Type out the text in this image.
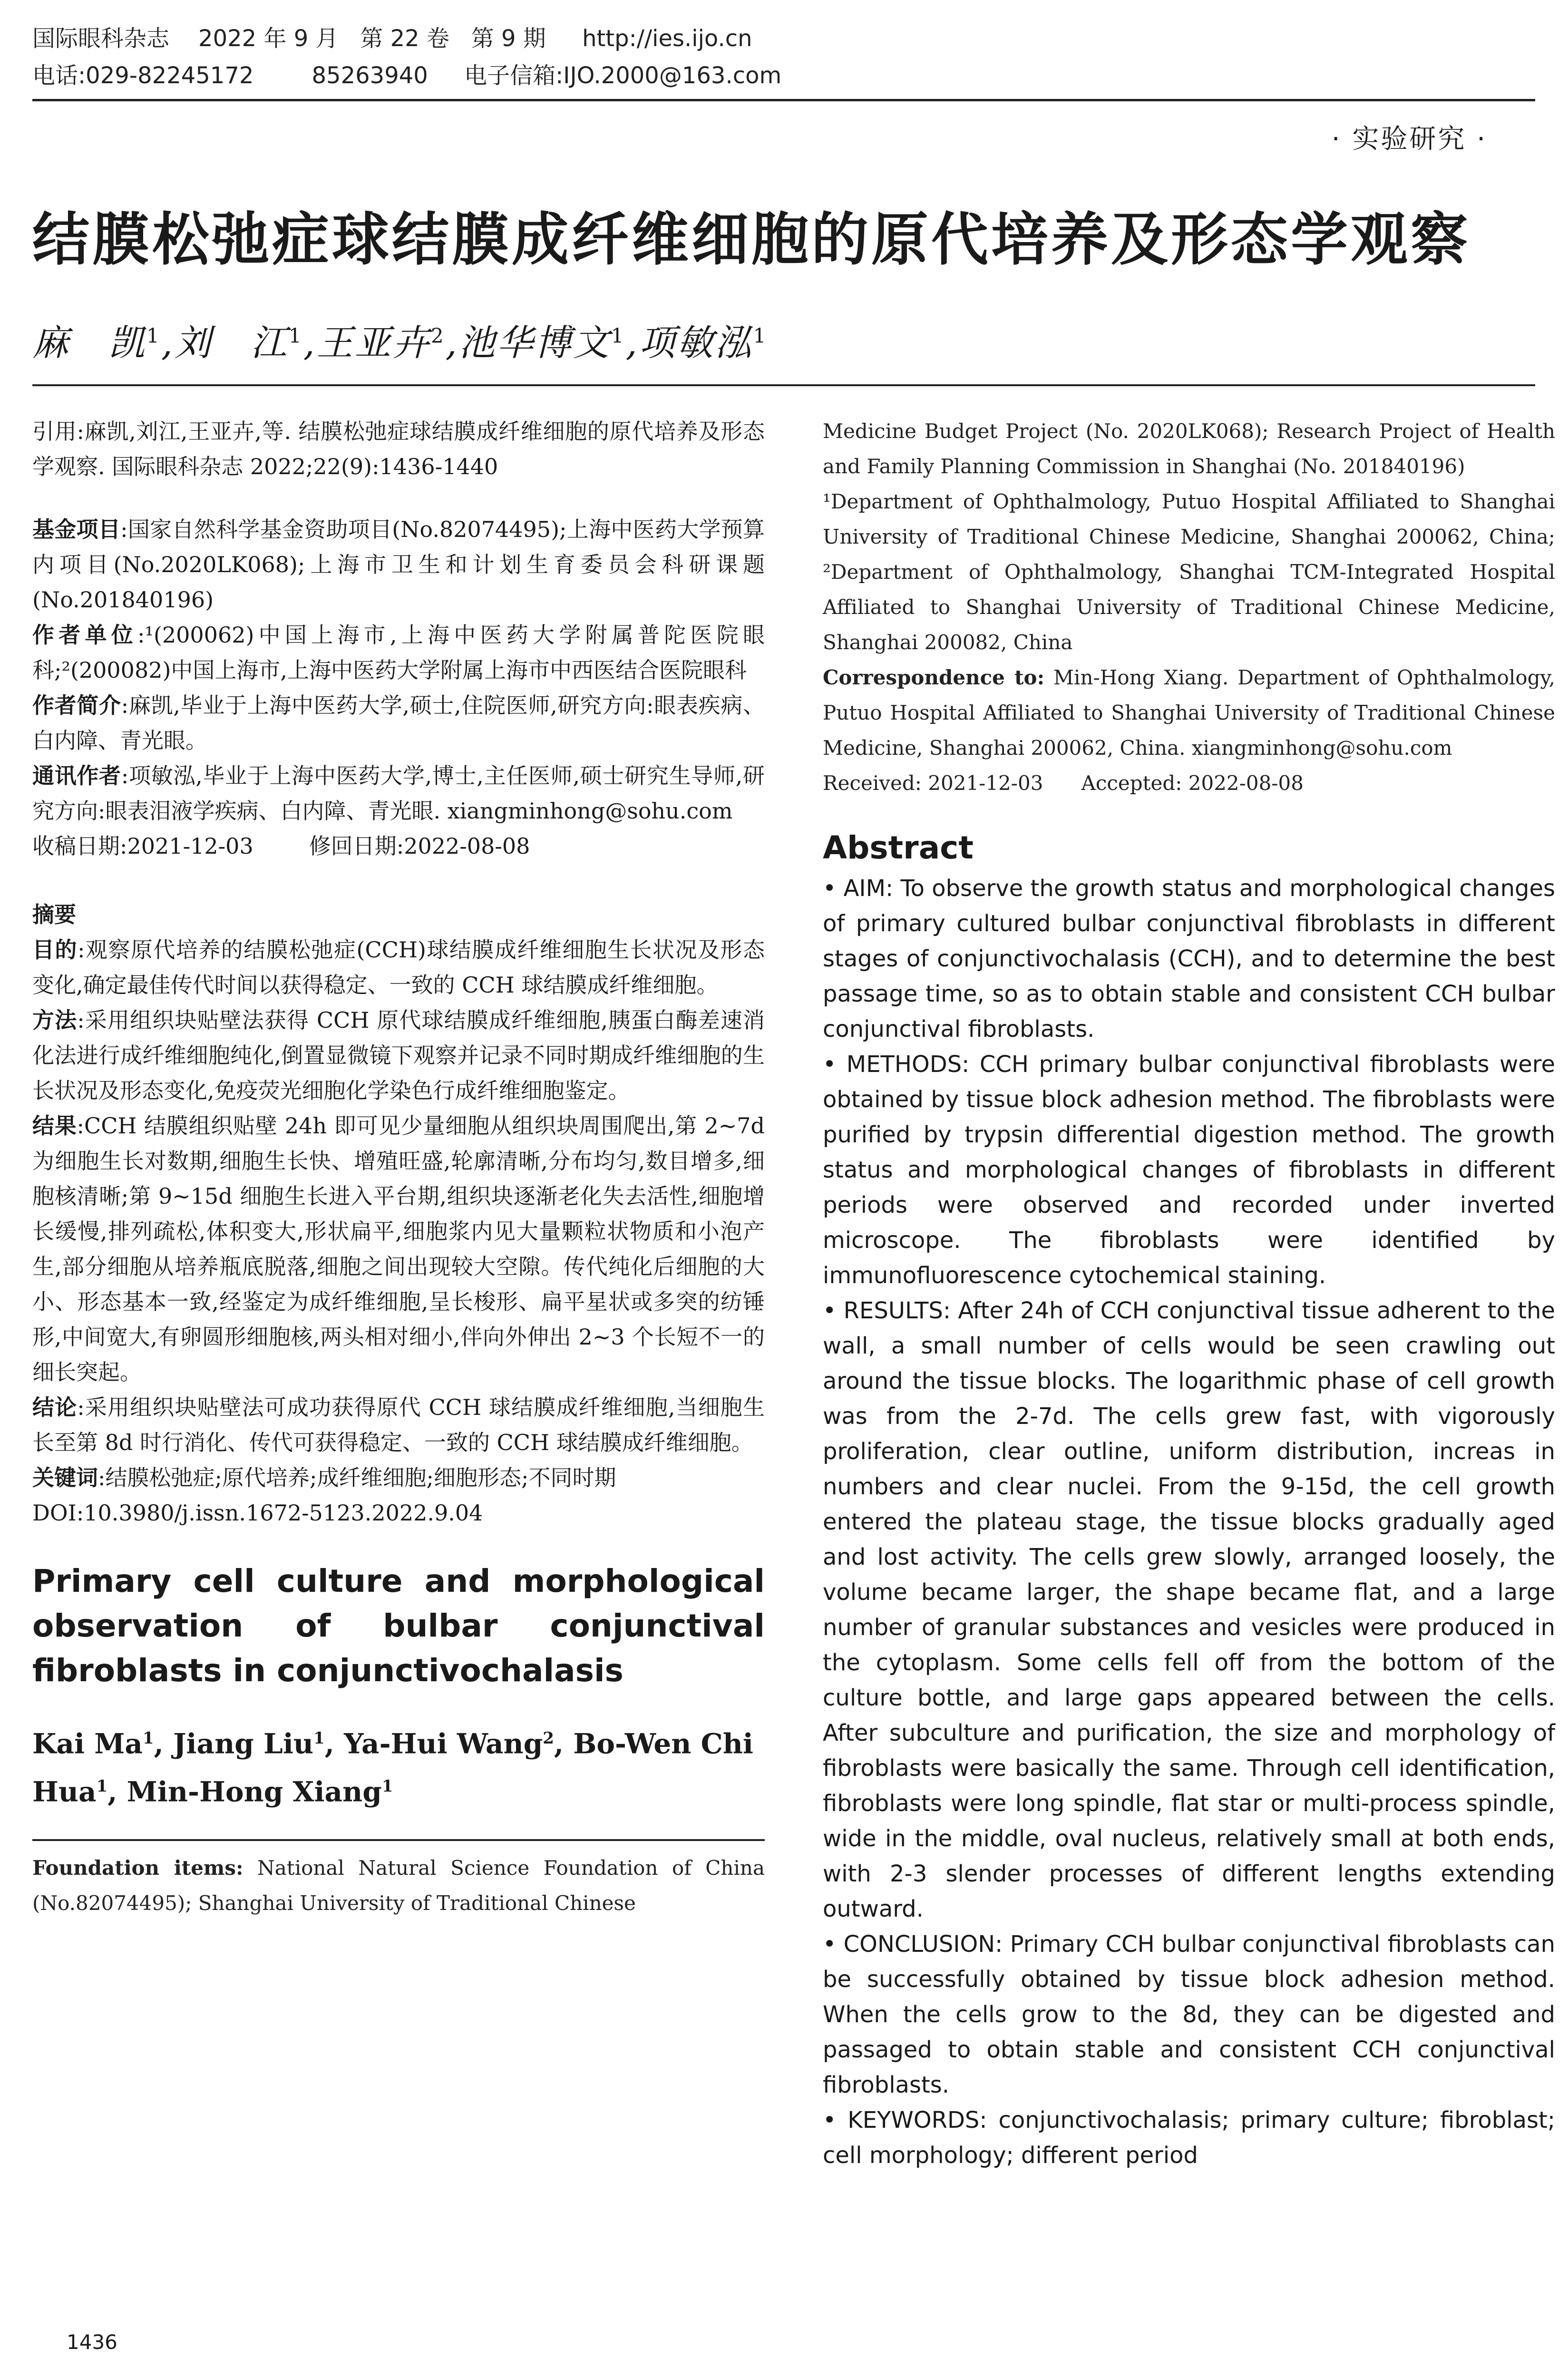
国际眼科杂志 2022 年 9 月 第 22 卷 第 9 期 http://ies.ijo.cn
电话:029-82245172	85263940 电子信箱:IJO.2000@163.com
· 实验研究 ·
结膜松弛症球结膜成纤维细胞的原代培养及形态学观察
麻　凯$^1$,刘　江$^1$,王亚卉$^2$,池华博文$^1$,项敏泓$^1$
引用:麻凯,刘江,王亚卉,等. 结膜松弛症球结膜成纤维细胞的原代培养及形态学观察. 国际眼科杂志 2022;22(9):1436-1440
基金项目:国家自然科学基金资助项目(No.82074495);上海中医药大学预算内项目(No.2020LK068);上海市卫生和计划生育委员会科研课题(No.201840196)
作者单位:¹(200062)中国上海市,上海中医药大学附属普陀医院眼科;²(200082)中国上海市,上海中医药大学附属上海市中西医结合医院眼科
作者简介:麻凯,毕业于上海中医药大学,硕士,住院医师,研究方向:眼表疾病、白内障、青光眼。
通讯作者:项敏泓,毕业于上海中医药大学,博士,主任医师,硕士研究生导师,研究方向:眼表泪液学疾病、白内障、青光眼. xiangminhong@sohu.com
收稿日期:2021-12-03	修回日期:2022-08-08
摘要
目的:观察原代培养的结膜松弛症(CCH)球结膜成纤维细胞生长状况及形态变化,确定最佳传代时间以获得稳定、一致的 CCH 球结膜成纤维细胞。
方法:采用组织块贴壁法获得 CCH 原代球结膜成纤维细胞,胰蛋白酶差速消化法进行成纤维细胞纯化,倒置显微镜下观察并记录不同时期成纤维细胞的生长状况及形态变化,免疫荧光细胞化学染色行成纤维细胞鉴定。
结果:CCH 结膜组织贴壁 24h 即可见少量细胞从组织块周围爬出,第 2~7d 为细胞生长对数期,细胞生长快、增殖旺盛,轮廓清晰,分布均匀,数目增多,细胞核清晰;第 9~15d 细胞生长进入平台期,组织块逐渐老化失去活性,细胞增长缓慢,排列疏松,体积变大,形状扁平,细胞浆内见大量颗粒状物质和小泡产生,部分细胞从培养瓶底脱落,细胞之间出现较大空隙。传代纯化后细胞的大小、形态基本一致,经鉴定为成纤维细胞,呈长梭形、扁平星状或多突的纺锤形,中间宽大,有卵圆形细胞核,两头相对细小,伴向外伸出 2~3 个长短不一的细长突起。
结论:采用组织块贴壁法可成功获得原代 CCH 球结膜成纤维细胞,当细胞生长至第 8d 时行消化、传代可获得稳定、一致的 CCH 球结膜成纤维细胞。
关键词:结膜松弛症;原代培养;成纤维细胞;细胞形态;不同时期
DOI:10.3980/j.issn.1672-5123.2022.9.04
Primary cell culture and morphological observation of bulbar conjunctival fibroblasts in conjunctivochalasis
Kai Ma$^1$, Jiang Liu$^1$, Ya-Hui Wang$^2$, Bo-Wen Chi Hua$^1$, Min-Hong Xiang$^1$
Foundation items: National Natural Science Foundation of China (No.82074495); Shanghai University of Traditional Chinese
¹Department of Ophthalmology, Putuo Hospital Affiliated to Shanghai University of Traditional Chinese Medicine, Shanghai 200062, China; ²Department of Ophthalmology, Shanghai TCM-Integrated Hospital Affiliated to Shanghai University of Traditional Chinese Medicine, Shanghai 200082, China
Correspondence to: Min-Hong Xiang. Department of Ophthalmology, Putuo Hospital Affiliated to Shanghai University of Traditional Chinese Medicine, Shanghai 200062, China. xiangminhong@sohu.com
Received: 2021-12-03 Accepted: 2022-08-08
Abstract
• AIM: To observe the growth status and morphological changes of primary cultured bulbar conjunctival fibroblasts in different stages of conjunctivochalasis (CCH), and to determine the best passage time, so as to obtain stable and consistent CCH bulbar conjunctival fibroblasts.
• METHODS: CCH primary bulbar conjunctival fibroblasts were obtained by tissue block adhesion method. The fibroblasts were purified by trypsin differential digestion method. The growth status and morphological changes of fibroblasts in different periods were observed and recorded under inverted microscope. The fibroblasts were identified by immunofluorescence cytochemical staining.
• RESULTS: After 24h of CCH conjunctival tissue adherent to the wall, a small number of cells would be seen crawling out around the tissue blocks. The logarithmic phase of cell growth was from the 2-7d. The cells grew fast, with vigorously proliferation, clear outline, uniform distribution, increas in numbers and clear nuclei. From the 9-15d, the cell growth entered the plateau stage, the tissue blocks gradually aged and lost activity. The cells grew slowly, arranged loosely, the volume became larger, the shape became flat, and a large number of granular substances and vesicles were produced in the cytoplasm. Some cells fell off from the bottom of the culture bottle, and large gaps appeared between the cells. After subculture and purification, the size and morphology of fibroblasts were basically the same. Through cell identification, fibroblasts were long spindle, flat star or multi-process spindle, wide in the middle, oval nucleus, relatively small at both ends, with 2-3 slender processes of different lengths extending outward.
• CONCLUSION: Primary CCH bulbar conjunctival fibroblasts can be successfully obtained by tissue block adhesion method. When the cells grow to the 8d, they can be digested and passaged to obtain stable and consistent CCH conjunctival fibroblasts.
• KEYWORDS: conjunctivochalasis; primary culture; fibroblast; cell morphology; different period
Medicine Budget Project (No. 2020LK068); Research Project of Health and Family Planning Commission in Shanghai (No. 201840196)
1436
